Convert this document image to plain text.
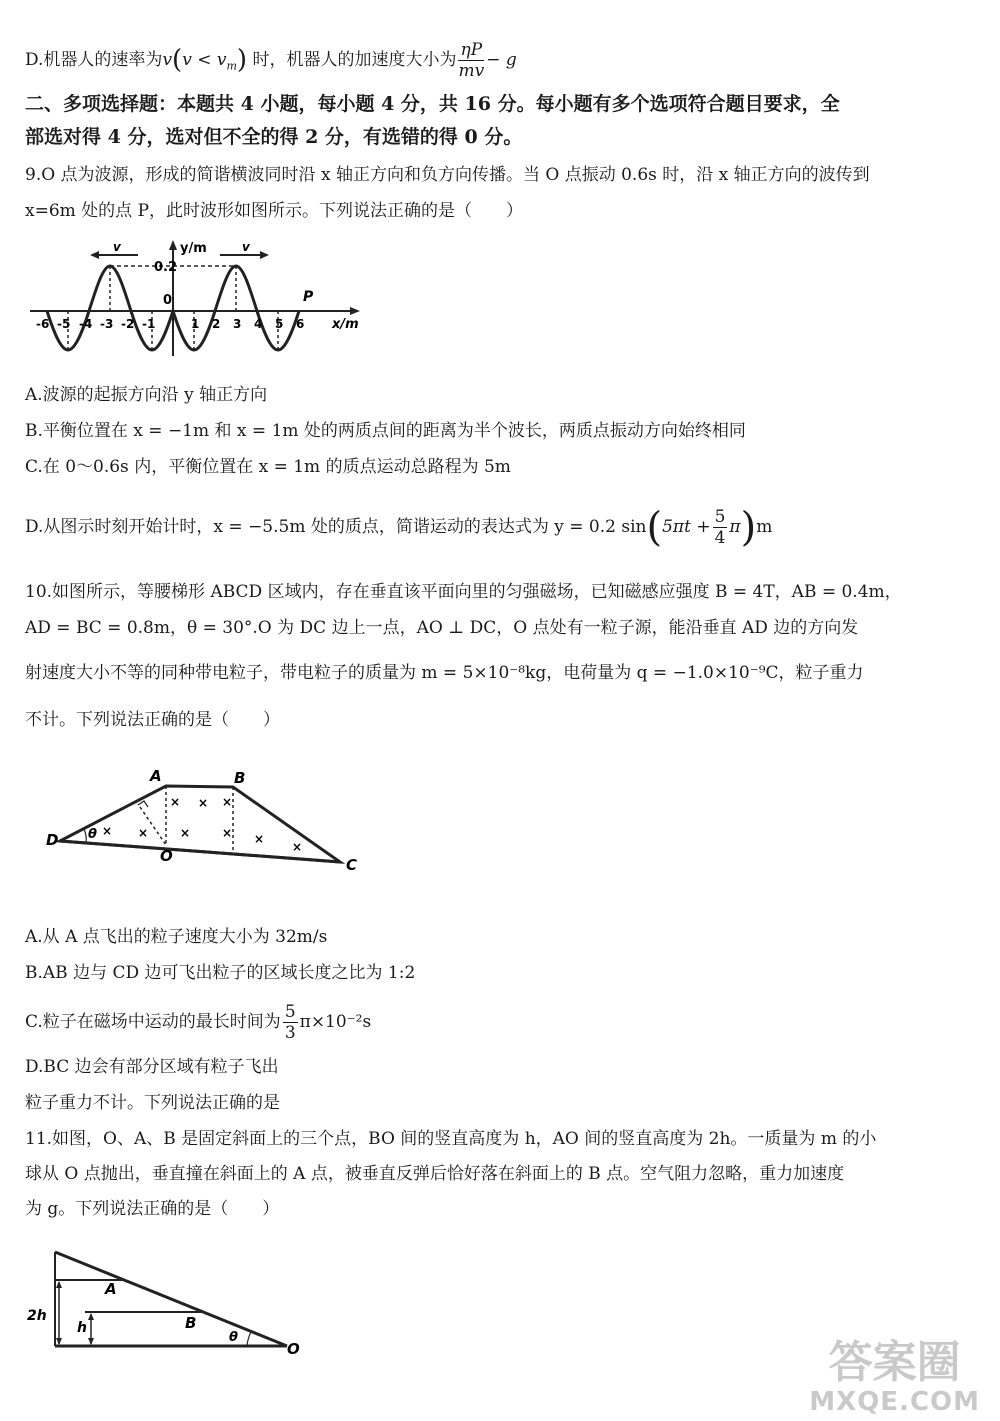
D.机器人的速率为$v(v < v_m)$ 时，机器人的加速度大小为 $\frac{\eta P}{mv} - g$
二、多项选择题：本题共 4 小题，每小题 4 分，共 16 分。每小题有多个选项符合题目要求，全
部选对得 4 分，选对但不全的得 2 分，有选错的得 0 分。
9.O 点为波源，形成的简谐横波同时沿 x 轴正方向和负方向传播。当 O 点振动 0.6s 时，沿 x 轴正方向的波传到
x=6m 处的点 P，此时波形如图所示。下列说法正确的是（　　）
v	v
y/m
0.2
0	P
x/m
-6 -5 -4 -3 -2 -1	1 2 3 4 5 6
A.波源的起振方向沿 y 轴正方向
B.平衡位置在 x = −1m 和 x = 1m 处的两质点间的距离为半个波长，两质点振动方向始终相同
C.在 0～0.6s 内，平衡位置在 x = 1m 的质点运动总路程为 5m
D.从图示时刻开始计时，x = −5.5m 处的质点，简谐运动的表达式为 y = 0.2 $\sin(5\pi t + \frac{5}{4} \pi)m$
10.如图所示，等腰梯形 ABCD 区域内，存在垂直该平面向里的匀强磁场，已知磁感应强度 B = 4T，AB = 0.4m，
AD = BC = 0.8m，θ = 30°.O 为 DC 边上一点，AO ⊥ DC，O 点处有一粒子源，能沿垂直 AD 边的方向发
射速度大小不等的同种带电粒子，带电粒子的质量为 m = 5×10⁻⁸kg，电荷量为 q = −1.0×10⁻⁹C，粒子重力
不计。下列说法正确的是（　　）
D
A	B
C
O
θ × ×
× × ×
×	× ×
×
A.从 A 点飞出的粒子速度大小为 32m/s
B.AB 边与 CD 边可飞出粒子的区域长度之比为 1:2
C.粒子在磁场中运动的最长时间为 $\frac{5}{3} \pi\times 10^{-2}s$
D.BC 边会有部分区域有粒子飞出
粒子重力不计。下列说法正确的是
11.如图，O、A、B 是固定斜面上的三个点，BO 间的竖直高度为 h，AO 间的竖直高度为 2h。一质量为 m 的小
球从 O 点抛出，垂直撞在斜面上的 A 点，被垂直反弹后恰好落在斜面上的 B 点。空气阻力忽略，重力加速度
为 g。下列说法正确的是（　　）
A
B
O
2h
h
θ	答案圈
MXQE.COM
